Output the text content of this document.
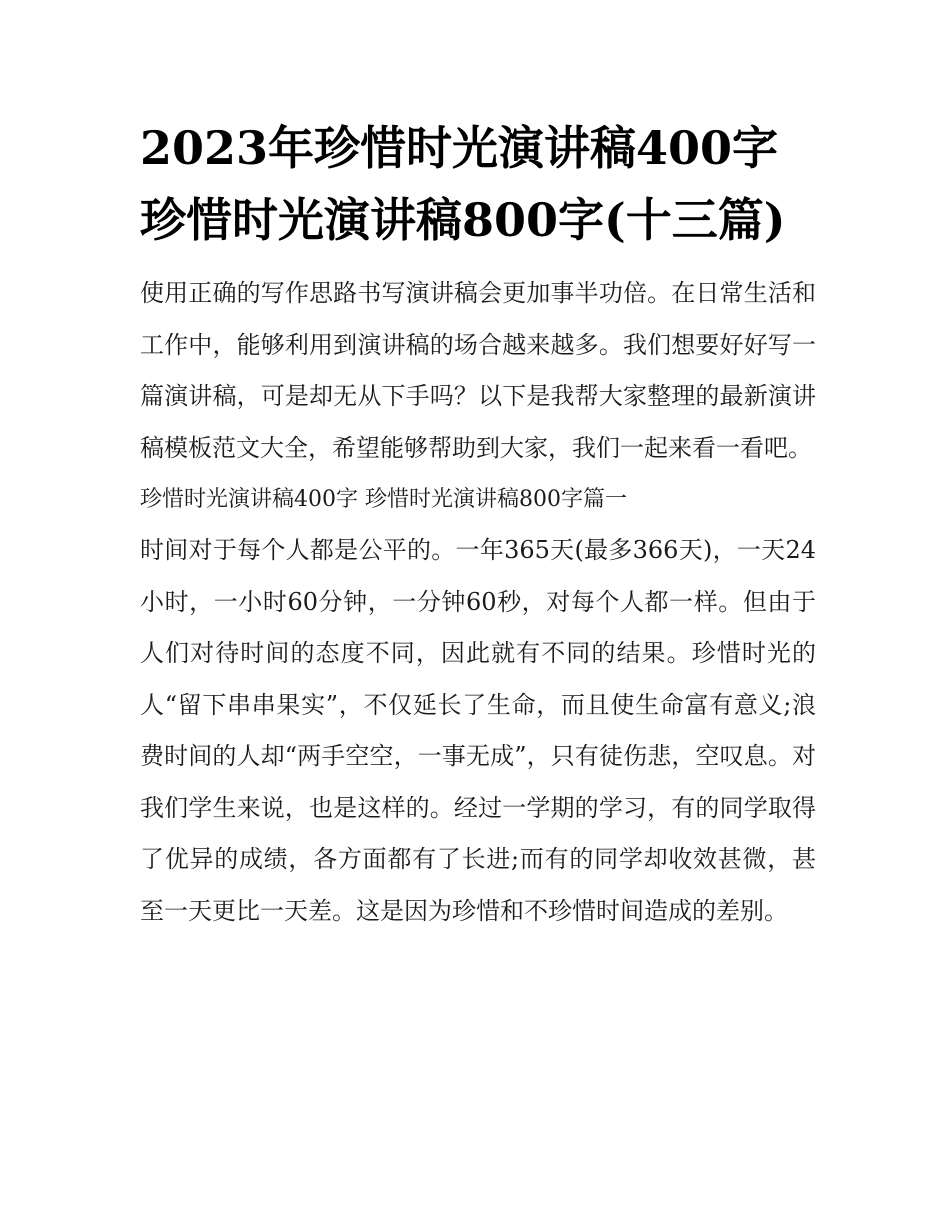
2023年珍惜时光演讲稿400字 珍惜时光演讲稿800字(十三篇)

使用正确的写作思路书写演讲稿会更加事半功倍。在日常生活和工作中，能够利用到演讲稿的场合越来越多。我们想要好好写一篇演讲稿，可是却无从下手吗？以下是我帮大家整理的最新演讲稿模板范文大全，希望能够帮助到大家，我们一起来看一看吧。

珍惜时光演讲稿400字 珍惜时光演讲稿800字篇一

时间对于每个人都是公平的。一年365天(最多366天)，一天24小时，一小时60分钟，一分钟60秒，对每个人都一样。但由于人们对待时间的态度不同，因此就有不同的结果。珍惜时光的人“留下串串果实”，不仅延长了生命，而且使生命富有意义;浪费时间的人却“两手空空，一事无成”，只有徒伤悲，空叹息。对我们学生来说，也是这样的。经过一学期的学习，有的同学取得了优异的成绩，各方面都有了长进;而有的同学却收效甚微，甚至一天更比一天差。这是因为珍惜和不珍惜时间造成的差别。
